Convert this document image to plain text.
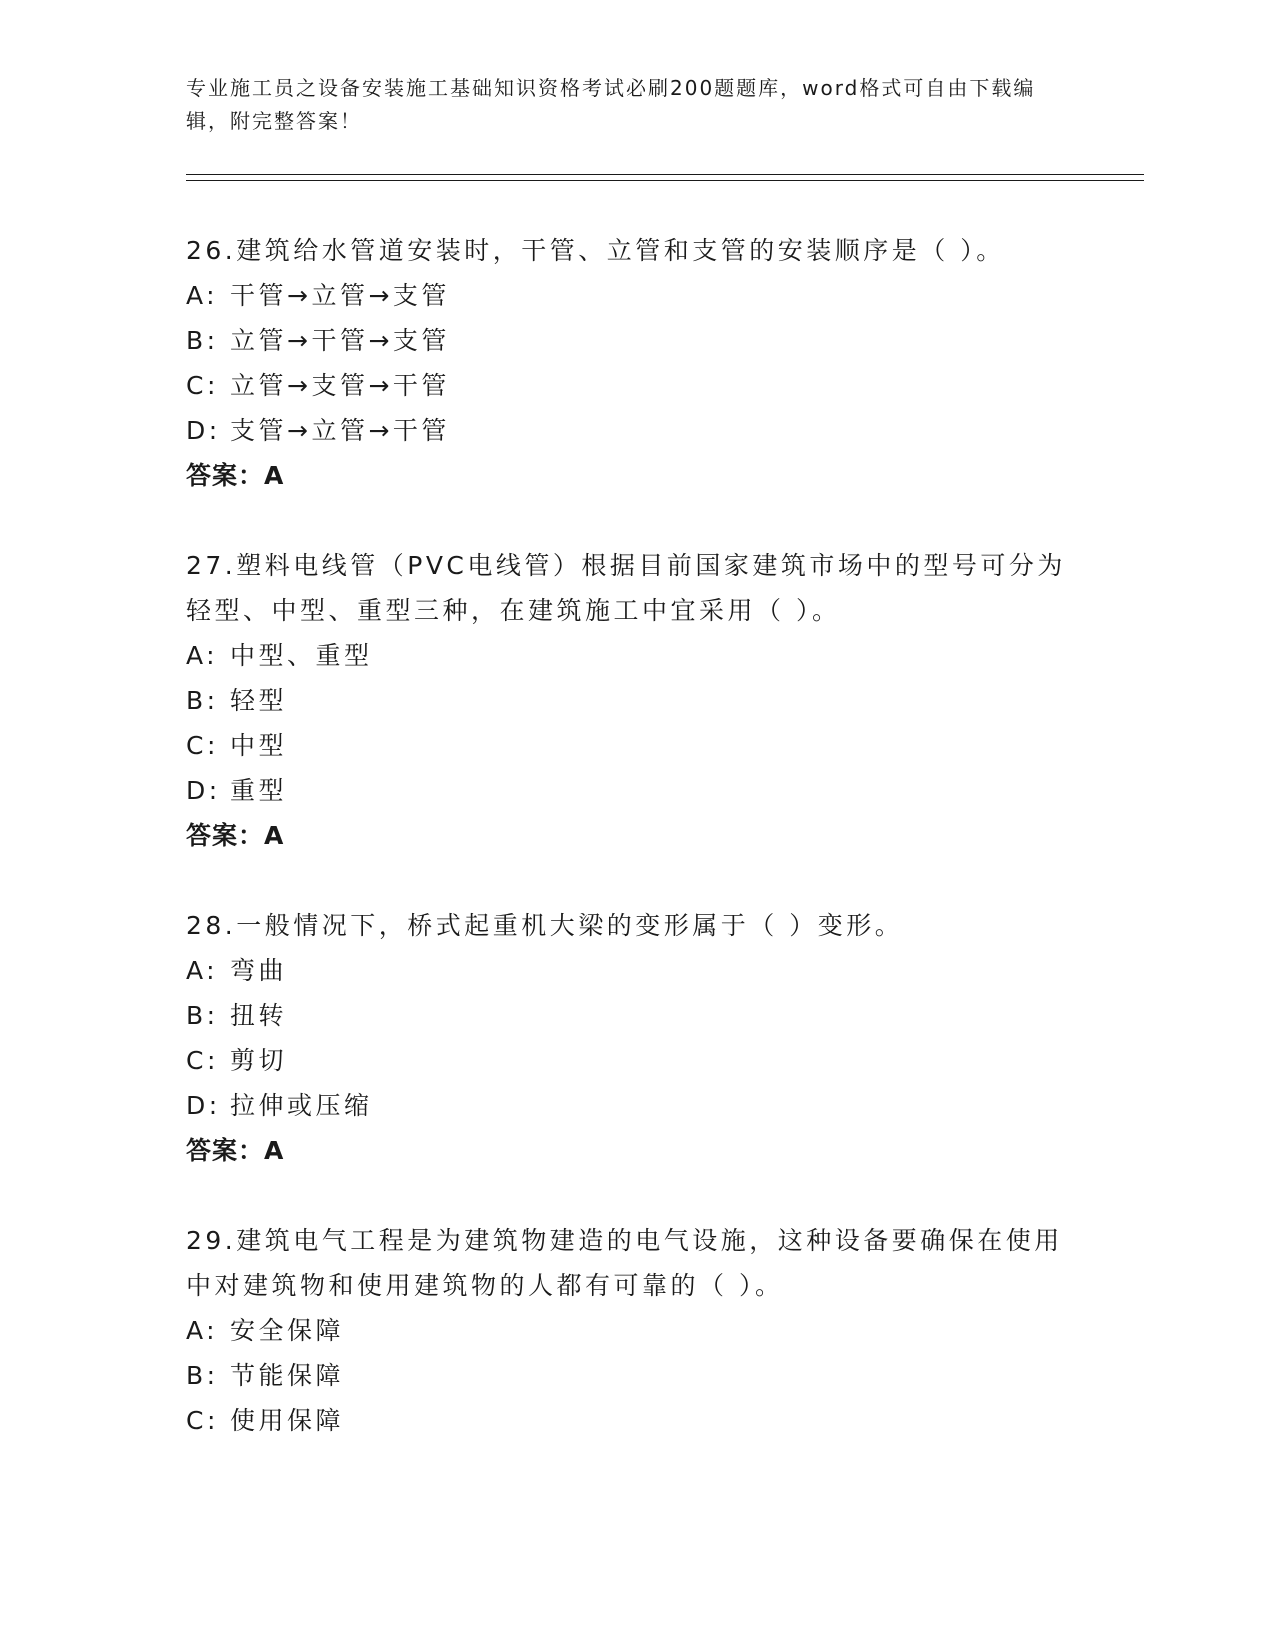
专业施工员之设备安装施工基础知识资格考试必刷200题题库，word格式可自由下载编辑，附完整答案！
26.建筑给水管道安装时，干管、立管和支管的安装顺序是（ ）。
A: 干管→立管→支管
B: 立管→干管→支管
C: 立管→支管→干管
D: 支管→立管→干管
答案：A
27.塑料电线管（PVC电线管）根据目前国家建筑市场中的型号可分为
轻型、中型、重型三种，在建筑施工中宜采用（ ）。
A: 中型、重型
B: 轻型
C: 中型
D: 重型
答案：A
28.一般情况下，桥式起重机大梁的变形属于（ ）变形。
A: 弯曲
B: 扭转
C: 剪切
D: 拉伸或压缩
答案：A
29.建筑电气工程是为建筑物建造的电气设施，这种设备要确保在使用
中对建筑物和使用建筑物的人都有可靠的（ ）。
A: 安全保障
B: 节能保障
C: 使用保障
